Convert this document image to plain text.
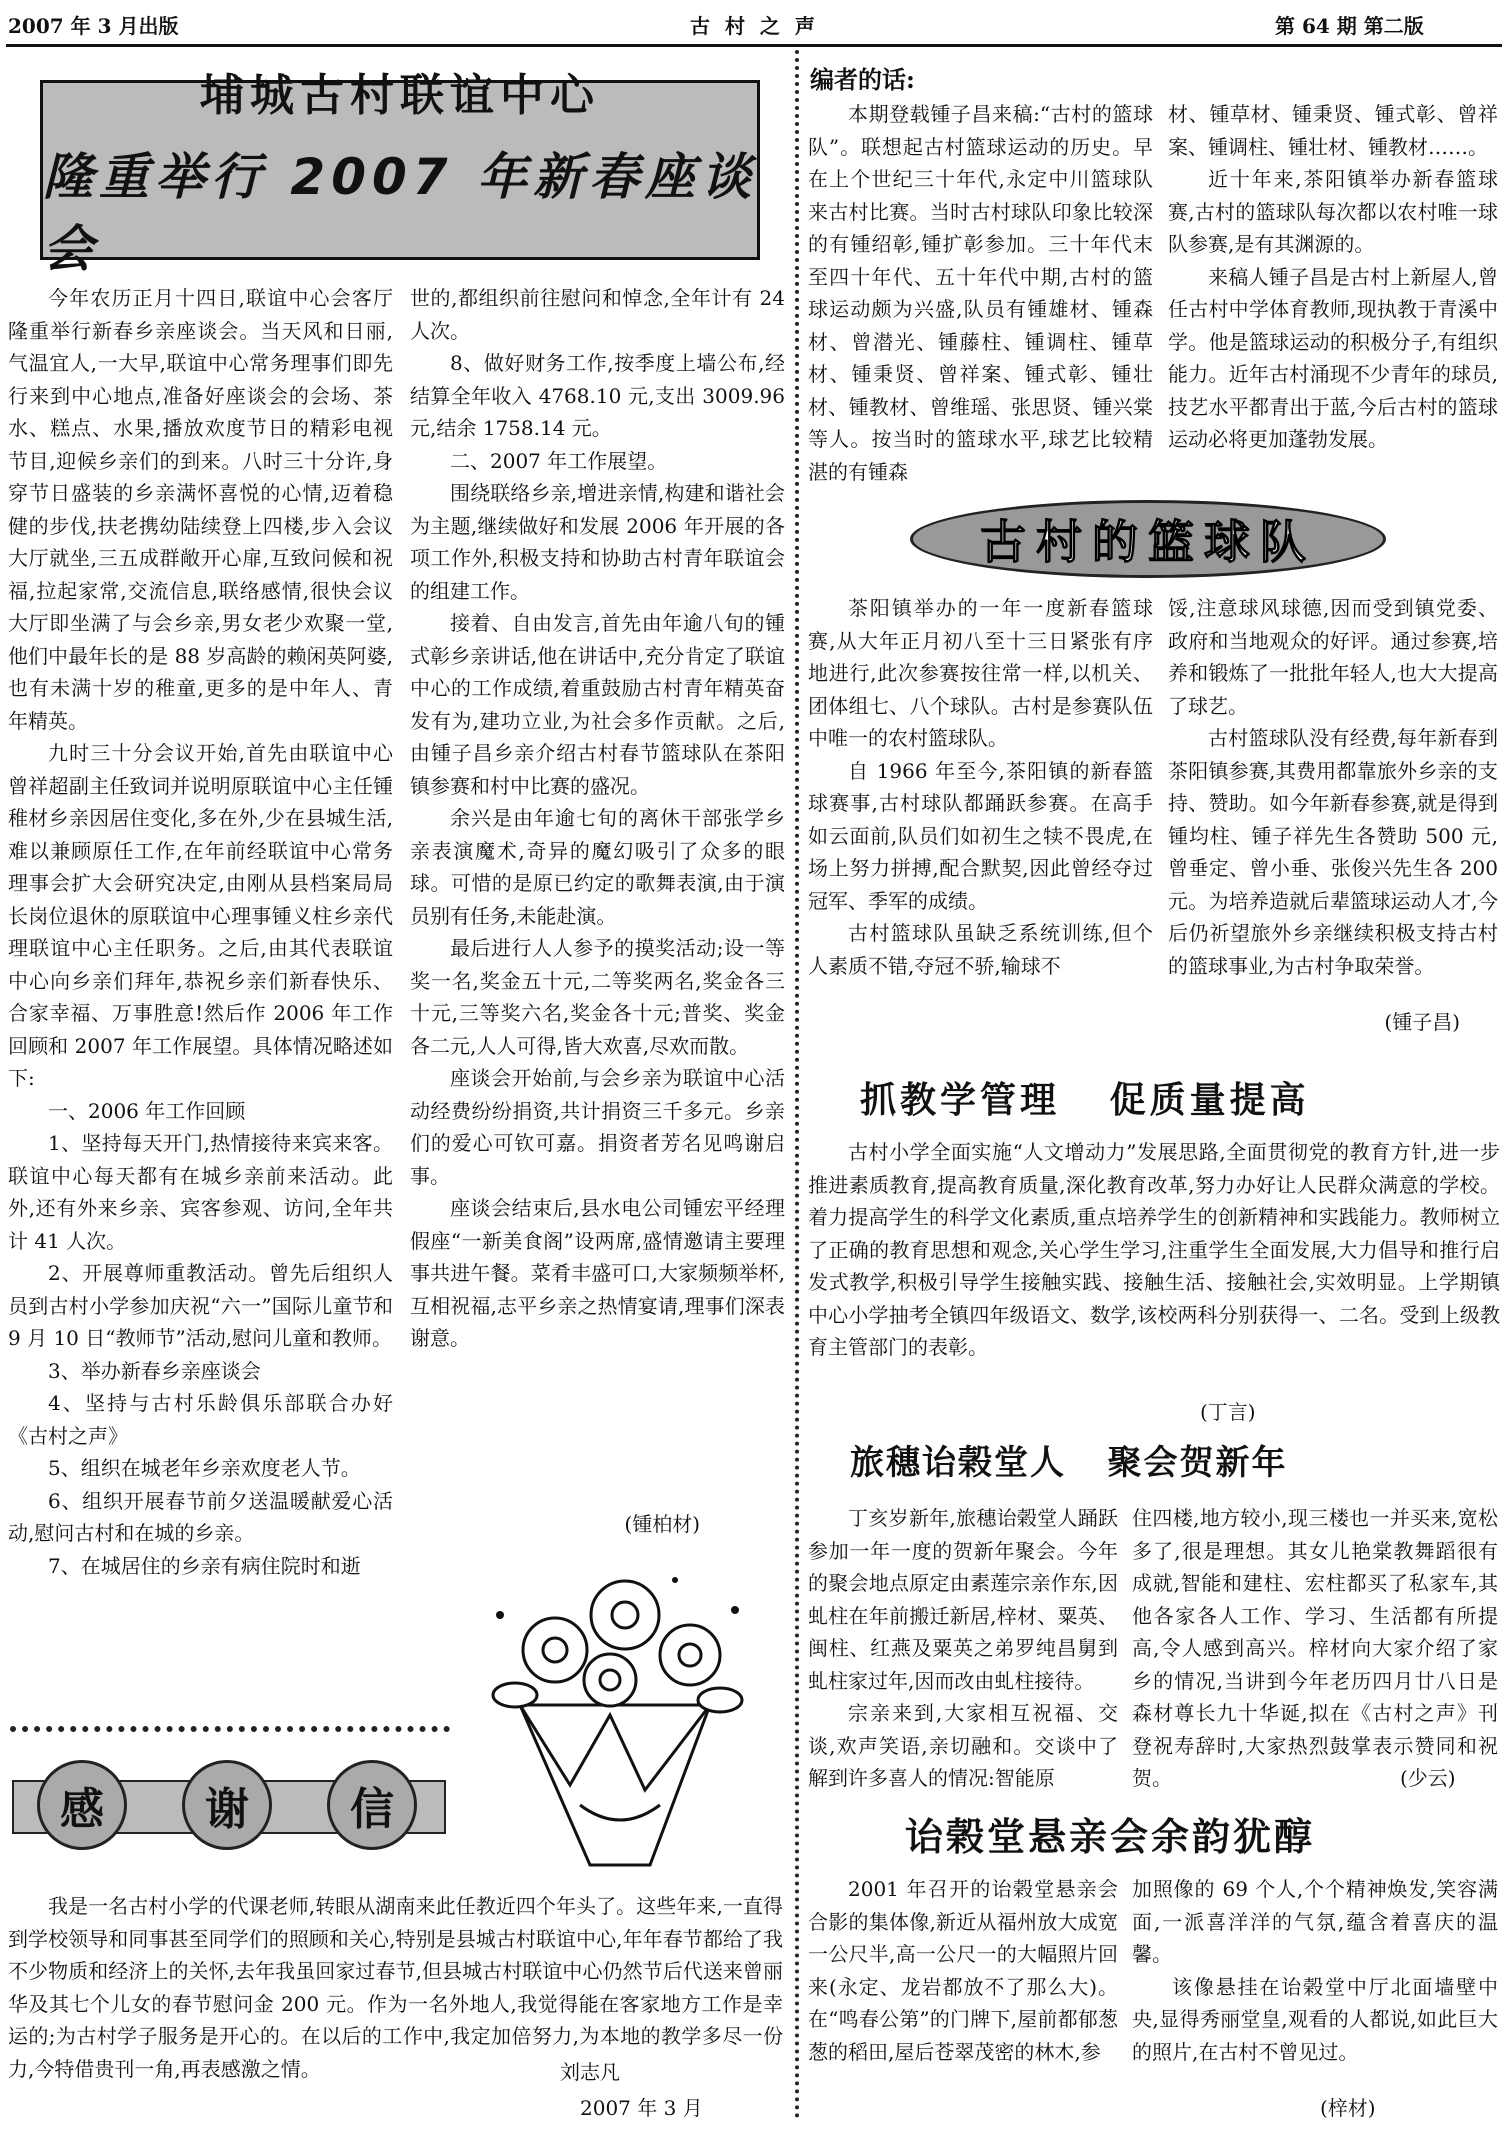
2007 年 3 月出版	古 村 之 声	第 64 期 第二版
埔城古村联谊中心
隆重举行 2007 年新春座谈会

今年农历正月十四日,联谊中心会客厅隆重举行新春乡亲座谈会。当天风和日丽,气温宜人,一大早,联谊中心常务理事们即先行来到中心地点,准备好座谈会的会场、茶水、糕点、水果,播放欢度节日的精彩电视节目,迎候乡亲们的到来。八时三十分许,身穿节日盛装的乡亲满怀喜悦的心情,迈着稳健的步伐,扶老携幼陆续登上四楼,步入会议大厅就坐,三五成群敞开心扉,互致问候和祝福,拉起家常,交流信息,联络感情,很快会议大厅即坐满了与会乡亲,男女老少欢聚一堂,他们中最年长的是 88 岁高龄的赖闲英阿婆,也有未满十岁的稚童,更多的是中年人、青年精英。

九时三十分会议开始,首先由联谊中心曾祥超副主任致词并说明原联谊中心主任锺稚材乡亲因居住变化,多在外,少在县城生活,难以兼顾原任工作,在年前经联谊中心常务理事会扩大会研究决定,由刚从县档案局局长岗位退休的原联谊中心理事锺义柱乡亲代理联谊中心主任职务。之后,由其代表联谊中心向乡亲们拜年,恭祝乡亲们新春快乐、合家幸福、万事胜意!然后作 2006 年工作回顾和 2007 年工作展望。具体情况略述如下:

一、2006 年工作回顾

1、坚持每天开门,热情接待来宾来客。联谊中心每天都有在城乡亲前来活动。此外,还有外来乡亲、宾客参观、访问,全年共计 41 人次。

2、开展尊师重教活动。曾先后组织人员到古村小学参加庆祝“六一”国际儿童节和 9 月 10 日“教师节”活动,慰问儿童和教师。

3、举办新春乡亲座谈会

4、坚持与古村乐龄俱乐部联合办好《古村之声》

5、组织在城老年乡亲欢度老人节。

6、组织开展春节前夕送温暖献爱心活动,慰问古村和在城的乡亲。

7、在城居住的乡亲有病住院时和逝

世的,都组织前往慰问和悼念,全年计有 24 人次。

8、做好财务工作,按季度上墙公布,经结算全年收入 4768.10 元,支出 3009.96 元,结余 1758.14 元。

二、2007 年工作展望。

围绕联络乡亲,增进亲情,构建和谐社会为主题,继续做好和发展 2006 年开展的各项工作外,积极支持和协助古村青年联谊会的组建工作。

接着、自由发言,首先由年逾八旬的锺式彰乡亲讲话,他在讲话中,充分肯定了联谊中心的工作成绩,着重鼓励古村青年精英奋发有为,建功立业,为社会多作贡献。之后,由锺子昌乡亲介绍古村春节篮球队在茶阳镇参赛和村中比赛的盛况。

余兴是由年逾七旬的离休干部张学乡亲表演魔术,奇异的魔幻吸引了众多的眼球。可惜的是原已约定的歌舞表演,由于演员别有任务,未能赴演。

最后进行人人参予的摸奖活动;设一等奖一名,奖金五十元,二等奖两名,奖金各三十元,三等奖六名,奖金各十元;普奖、奖金各二元,人人可得,皆大欢喜,尽欢而散。

座谈会开始前,与会乡亲为联谊中心活动经费纷纷捐资,共计捐资三千多元。乡亲们的爱心可钦可嘉。捐资者芳名见鸣谢启事。

座谈会结束后,县水电公司锺宏平经理假座“一新美食阁”设两席,盛情邀请主要理事共进午餐。菜肴丰盛可口,大家频频举杯,互相祝福,志平乡亲之热情宴请,理事们深表谢意。

(锺柏材)
感	谢	信

我是一名古村小学的代课老师,转眼从湖南来此任教近四个年头了。这些年来,一直得到学校领导和同事甚至同学们的照顾和关心,特别是县城古村联谊中心,年年春节都给了我不少物质和经济上的关怀,去年我虽回家过春节,但县城古村联谊中心仍然节后代送来曾丽华及其七个儿女的春节慰问金 200 元。作为一名外地人,我觉得能在客家地方工作是幸运的;为古村学子服务是开心的。在以后的工作中,我定加倍努力,为本地的教学多尽一份力,今特借贵刊一角,再表感激之情。	刘志凡
2007 年 3 月
编者的话:

本期登载锺子昌来稿:“古村的篮球队”。联想起古村篮球运动的历史。早在上个世纪三十年代,永定中川篮球队来古村比赛。当时古村球队印象比较深的有锺绍彰,锺扩彰参加。三十年代末至四十年代、五十年代中期,古村的篮球运动颇为兴盛,队员有锺雄材、锺森材、曾潜光、锺藤柱、锺调柱、锺草材、锺秉贤、曾祥案、锺式彰、锺壮材、锺教材、曾维瑶、张思贤、锺兴棠等人。按当时的篮球水平,球艺比较精湛的有锺森

材、锺草材、锺秉贤、锺式彰、曾祥案、锺调柱、锺壮材、锺教材……。

近十年来,茶阳镇举办新春篮球赛,古村的篮球队每次都以农村唯一球队参赛,是有其渊源的。

来稿人锺子昌是古村上新屋人,曾任古村中学体育教师,现执教于青溪中学。他是篮球运动的积极分子,有组织能力。近年古村涌现不少青年的球员,技艺水平都青出于蓝,今后古村的篮球运动必将更加蓬勃发展。

古村的篮球队

茶阳镇举办的一年一度新春篮球赛,从大年正月初八至十三日紧张有序地进行,此次参赛按往常一样,以机关、团体组七、八个球队。古村是参赛队伍中唯一的农村篮球队。

自 1966 年至今,茶阳镇的新春篮球赛事,古村球队都踊跃参赛。在高手如云面前,队员们如初生之犊不畏虎,在场上努力拼搏,配合默契,因此曾经夺过冠军、季军的成绩。

古村篮球队虽缺乏系统训练,但个人素质不错,夺冠不骄,输球不

馁,注意球风球德,因而受到镇党委、政府和当地观众的好评。通过参赛,培养和锻炼了一批批年轻人,也大大提高了球艺。

古村篮球队没有经费,每年新春到茶阳镇参赛,其费用都靠旅外乡亲的支持、赞助。如今年新春参赛,就是得到锺均柱、锺子祥先生各赞助 500 元,曾垂定、曾小垂、张俊兴先生各 200 元。为培养造就后辈篮球运动人才,今后仍祈望旅外乡亲继续积极支持古村的篮球事业,为古村争取荣誉。

(锺子昌)
抓教学管理   促质量提高

古村小学全面实施“人文增动力”发展思路,全面贯彻党的教育方针,进一步推进素质教育,提高教育质量,深化教育改革,努力办好让人民群众满意的学校。着力提高学生的科学文化素质,重点培养学生的创新精神和实践能力。教师树立了正确的教育思想和观念,关心学生学习,注重学生全面发展,大力倡导和推行启发式教学,积极引导学生接触实践、接触生活、接触社会,实效明显。上学期镇中心小学抽考全镇四年级语文、数学,该校两科分别获得一、二名。受到上级教育主管部门的表彰。

(丁言)
旅穗诒榖堂人   聚会贺新年

丁亥岁新年,旅穗诒榖堂人踊跃参加一年一度的贺新年聚会。今年的聚会地点原定由素莲宗亲作东,因虬柱在年前搬迁新居,梓材、粟英、闽柱、红燕及粟英之弟罗纯昌舅到虬柱家过年,因而改由虬柱接待。

宗亲来到,大家相互祝福、交谈,欢声笑语,亲切融和。交谈中了解到许多喜人的情况:智能原

住四楼,地方较小,现三楼也一并买来,宽松多了,很是理想。其女儿艳棠教舞蹈很有成就,智能和建柱、宏柱都买了私家车,其他各家各人工作、学习、生活都有所提高,令人感到高兴。梓材向大家介绍了家乡的情况,当讲到今年老历四月廿八日是森材尊长九十华诞,拟在《古村之声》刊登祝寿辞时,大家热烈鼓掌表示赞同和祝贺。	(少云)
诒榖堂悬亲会余韵犹醇

2001 年召开的诒榖堂悬亲会合影的集体像,新近从福州放大成宽一公尺半,高一公尺一的大幅照片回来(永定、龙岩都放不了那么大)。在“鸣春公第”的门牌下,屋前都郁葱葱的稻田,屋后苍翠茂密的林木,参

加照像的 69 个人,个个精神焕发,笑容满面,一派喜洋洋的气氛,蕴含着喜庆的温馨。

该像悬挂在诒榖堂中厅北面墙壁中央,显得秀丽堂皇,观看的人都说,如此巨大的照片,在古村不曾见过。

(梓材)
